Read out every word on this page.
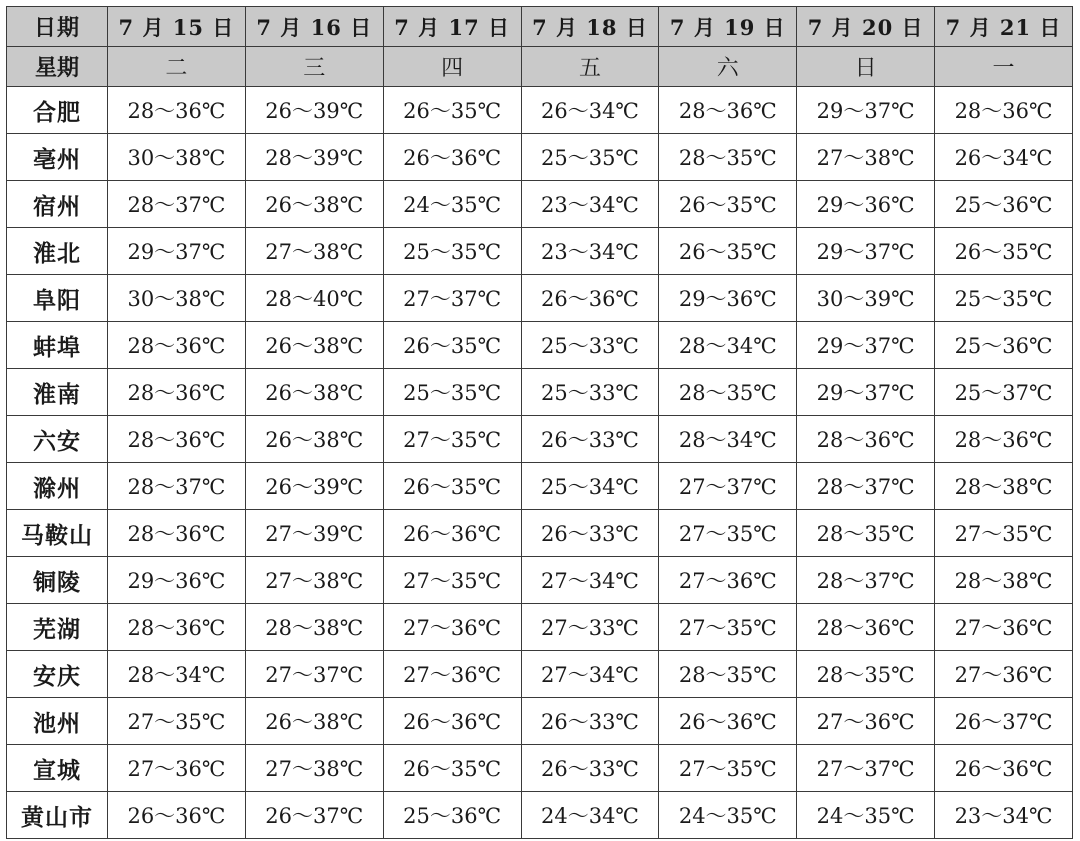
日期	7 月 15 日	7 月 16 日	7 月 17 日	7 月 18 日	7 月 19 日	7 月 20 日	7 月 21 日
星期	二	三	四	五	六	日	一
合肥	28～36℃	26～39℃	26～35℃	26～34℃	28～36℃	29～37℃	28～36℃
亳州	30～38℃	28～39℃	26～36℃	25～35℃	28～35℃	27～38℃	26～34℃
宿州	28～37℃	26～38℃	24～35℃	23～34℃	26～35℃	29～36℃	25～36℃
淮北	29～37℃	27～38℃	25～35℃	23～34℃	26～35℃	29～37℃	26～35℃
阜阳	30～38℃	28～40℃	27～37℃	26～36℃	29～36℃	30～39℃	25～35℃
蚌埠	28～36℃	26～38℃	26～35℃	25～33℃	28～34℃	29～37℃	25～36℃
淮南	28～36℃	26～38℃	25～35℃	25～33℃	28～35℃	29～37℃	25～37℃
六安	28～36℃	26～38℃	27～35℃	26～33℃	28～34℃	28～36℃	28～36℃
滁州	28～37℃	26～39℃	26～35℃	25～34℃	27～37℃	28～37℃	28～38℃
马鞍山	28～36℃	27～39℃	26～36℃	26～33℃	27～35℃	28～35℃	27～35℃
铜陵	29～36℃	27～38℃	27～35℃	27～34℃	27～36℃	28～37℃	28～38℃
芜湖	28～36℃	28～38℃	27～36℃	27～33℃	27～35℃	28～36℃	27～36℃
安庆	28～34℃	27～37℃	27～36℃	27～34℃	28～35℃	28～35℃	27～36℃
池州	27～35℃	26～38℃	26～36℃	26～33℃	26～36℃	27～36℃	26～37℃
宣城	27～36℃	27～38℃	26～35℃	26～33℃	27～35℃	27～37℃	26～36℃
黄山市	26～36℃	26～37℃	25～36℃	24～34℃	24～35℃	24～35℃	23～34℃
